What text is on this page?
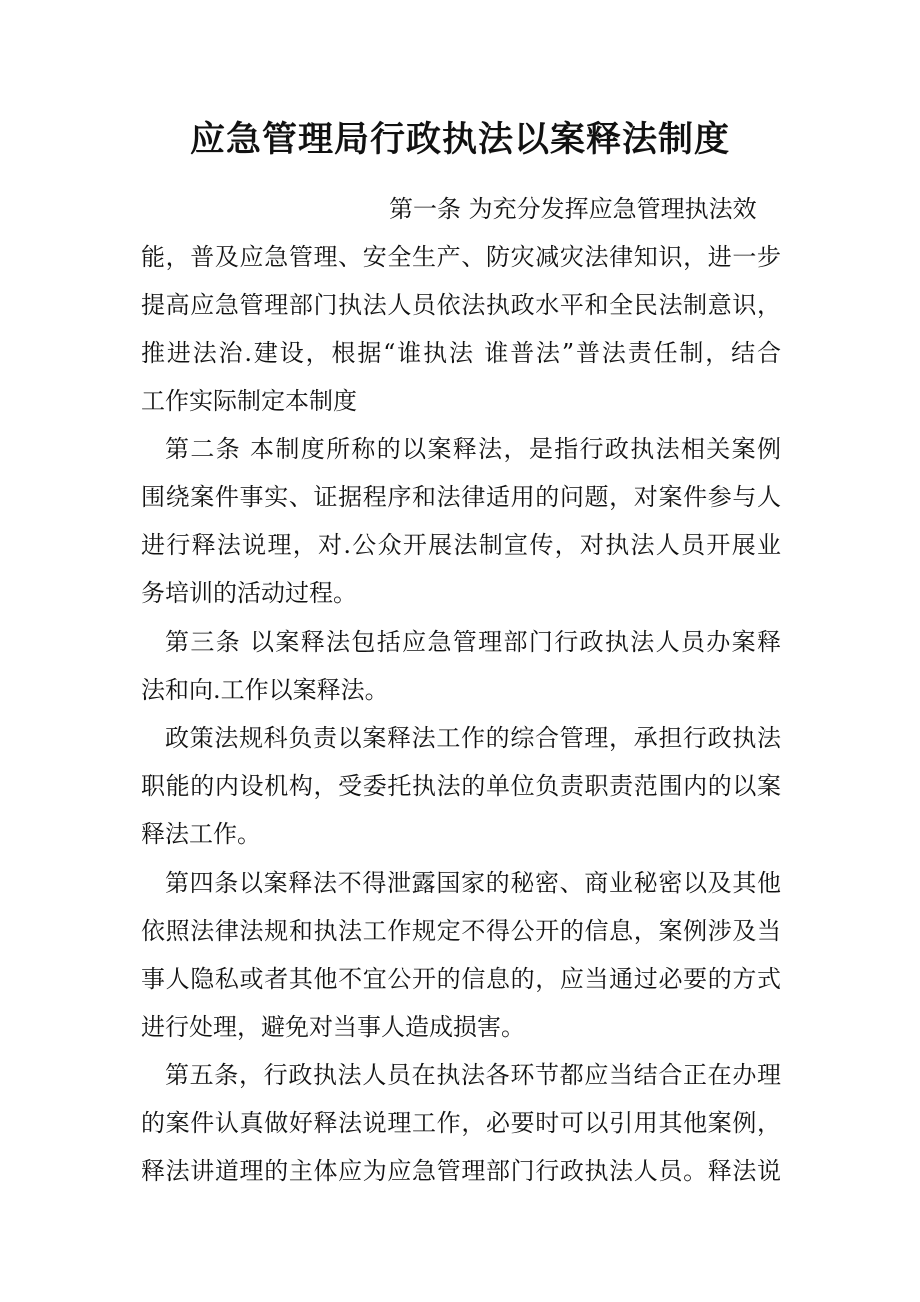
应急管理局行政执法以案释法制度

第一条 为充分发挥应急管理执法效

能，普及应急管理、安全生产、防灾减灾法律知识，进一步

提高应急管理部门执法人员依法执政水平和全民法制意识，

推进法治.建设，根据“谁执法 谁普法”普法责任制，结合

工作实际制定本制度

第二条 本制度所称的以案释法，是指行政执法相关案例

围绕案件事实、证据程序和法律适用的问题，对案件参与人

进行释法说理，对.公众开展法制宣传，对执法人员开展业

务培训的活动过程。

第三条 以案释法包括应急管理部门行政执法人员办案释

法和向.工作以案释法。

政策法规科负责以案释法工作的综合管理，承担行政执法

职能的内设机构，受委托执法的单位负责职责范围内的以案

释法工作。

第四条以案释法不得泄露国家的秘密、商业秘密以及其他

依照法律法规和执法工作规定不得公开的信息，案例涉及当

事人隐私或者其他不宜公开的信息的，应当通过必要的方式

进行处理，避免对当事人造成损害。

第五条，行政执法人员在执法各环节都应当结合正在办理

的案件认真做好释法说理工作，必要时可以引用其他案例，

释法讲道理的主体应为应急管理部门行政执法人员。释法说
